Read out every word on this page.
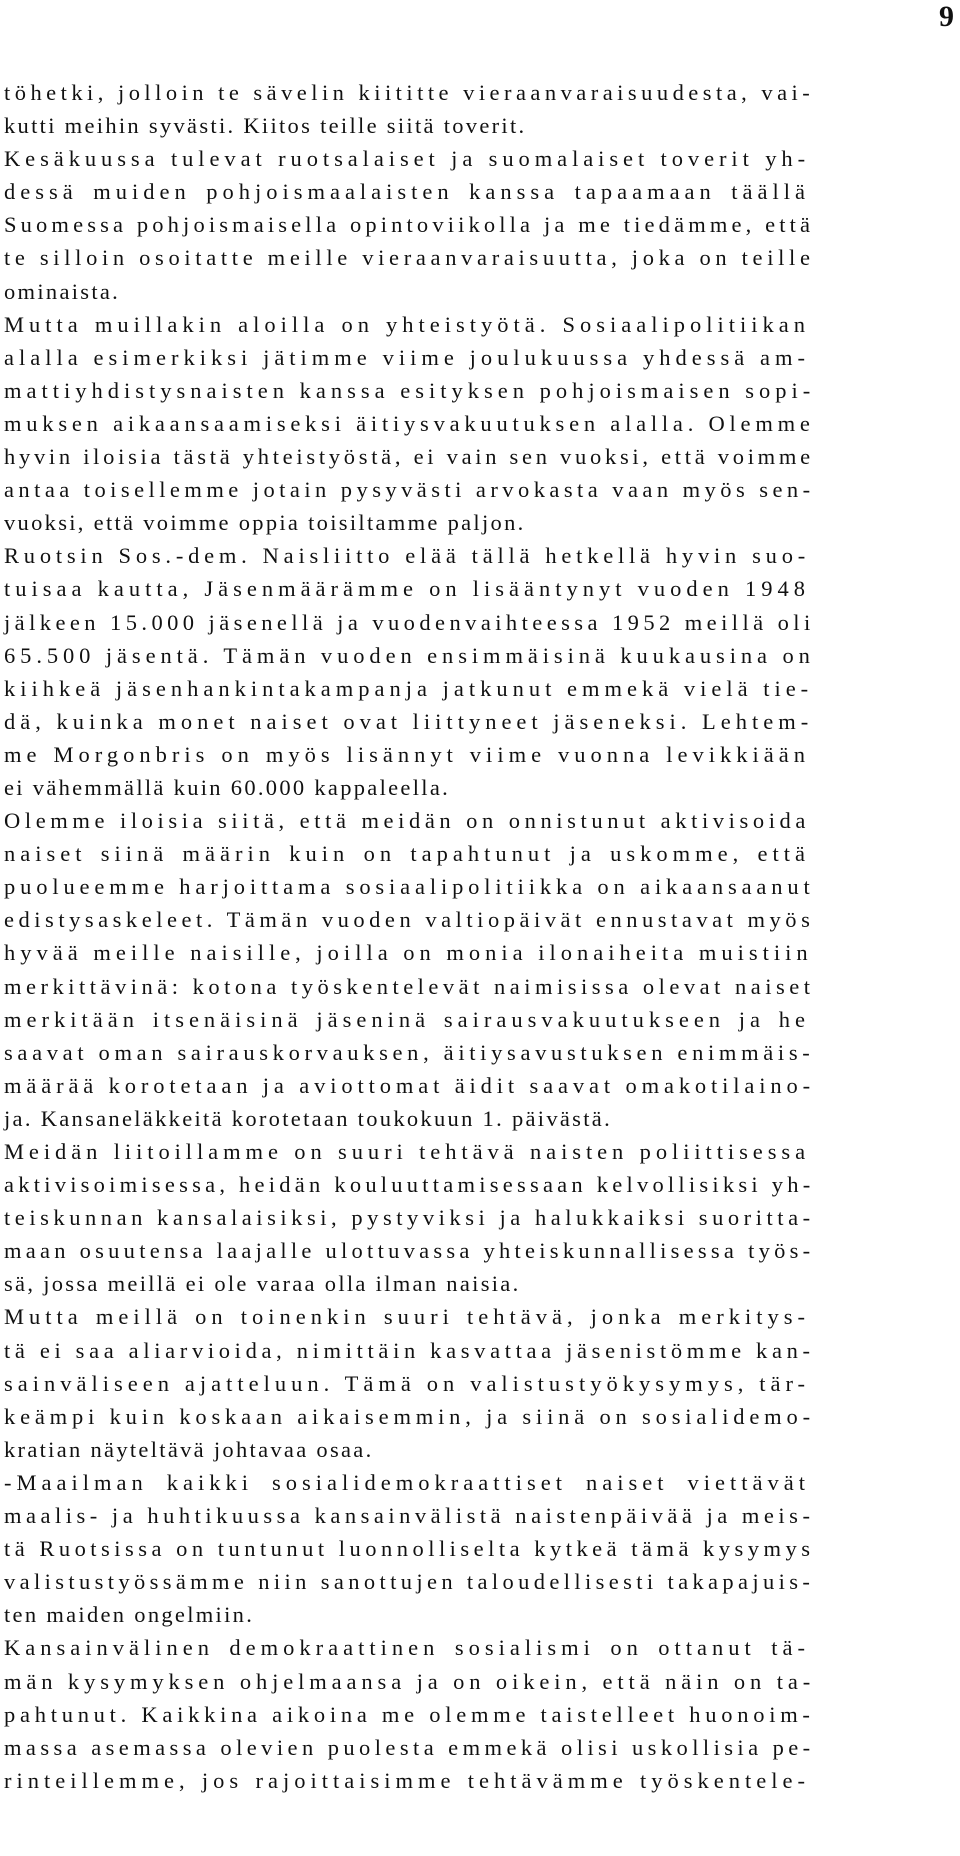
9
töhetki, jolloin te sävelin kiititte vieraanvaraisuudesta, vai-
kutti meihin syvästi. Kiitos teille siitä toverit.
Kesäkuussa tulevat ruotsalaiset ja suomalaiset toverit yh-
dessä muiden pohjoismaalaisten kanssa tapaamaan täällä
Suomessa pohjoismaisella opintoviikolla ja me tiedämme, että
te silloin osoitatte meille vieraanvaraisuutta, joka on teille
ominaista.
Mutta muillakin aloilla on yhteistyötä. Sosiaalipolitiikan
alalla esimerkiksi jätimme viime joulukuussa yhdessä am-
mattiyhdistysnaisten kanssa esityksen pohjoismaisen sopi-
muksen aikaansaamiseksi äitiysvakuutuksen alalla. Olemme
hyvin iloisia tästä yhteistyöstä, ei vain sen vuoksi, että voimme
antaa toisellemme jotain pysyvästi arvokasta vaan myös sen-
vuoksi, että voimme oppia toisiltamme paljon.
Ruotsin Sos.-dem. Naisliitto elää tällä hetkellä hyvin suo-
tuisaa kautta, Jäsenmäärämme on lisääntynyt vuoden 1948
jälkeen 15.000 jäsenellä ja vuodenvaihteessa 1952 meillä oli
65.500 jäsentä. Tämän vuoden ensimmäisinä kuukausina on
kiihkeä jäsenhankintakampanja jatkunut emmekä vielä tie-
dä, kuinka monet naiset ovat liittyneet jäseneksi. Lehtem-
me Morgonbris on myös lisännyt viime vuonna levikkiään
ei vähemmällä kuin 60.000 kappaleella.
Olemme iloisia siitä, että meidän on onnistunut aktivisoida
naiset siinä määrin kuin on tapahtunut ja uskomme, että
puolueemme harjoittama sosiaalipolitiikka on aikaansaanut
edistysaskeleet. Tämän vuoden valtiopäivät ennustavat myös
hyvää meille naisille, joilla on monia ilonaiheita muistiin
merkittävinä: kotona työskentelevät naimisissa olevat naiset
merkitään itsenäisinä jäseninä sairausvakuutukseen ja he
saavat oman sairauskorvauksen, äitiysavustuksen enimmäis-
määrää korotetaan ja aviottomat äidit saavat omakotilaino-
ja. Kansaneläkkeitä korotetaan toukokuun 1. päivästä.
Meidän liitoillamme on suuri tehtävä naisten poliittisessa
aktivisoimisessa, heidän kouluuttamisessaan kelvollisiksi yh-
teiskunnan kansalaisiksi, pystyviksi ja halukkaiksi suoritta-
maan osuutensa laajalle ulottuvassa yhteiskunnallisessa työs-
sä, jossa meillä ei ole varaa olla ilman naisia.
Mutta meillä on toinenkin suuri tehtävä, jonka merkitys-
tä ei saa aliarvioida, nimittäin kasvattaa jäsenistömme kan-
sainväliseen ajatteluun. Tämä on valistustyökysymys, tär-
keämpi kuin koskaan aikaisemmin, ja siinä on sosialidemo-
kratian näyteltävä johtavaa osaa.
-Maailman kaikki sosialidemokraattiset naiset viettävät
maalis- ja huhtikuussa kansainvälistä naistenpäivää ja meis-
tä Ruotsissa on tuntunut luonnolliselta kytkeä tämä kysymys
valistustyössämme niin sanottujen taloudellisesti takapajuis-
ten maiden ongelmiin.
Kansainvälinen demokraattinen sosialismi on ottanut tä-
män kysymyksen ohjelmaansa ja on oikein, että näin on ta-
pahtunut. Kaikkina aikoina me olemme taistelleet huonoim-
massa asemassa olevien puolesta emmekä olisi uskollisia pe-
rinteillemme, jos rajoittaisimme tehtävämme työskentele-
